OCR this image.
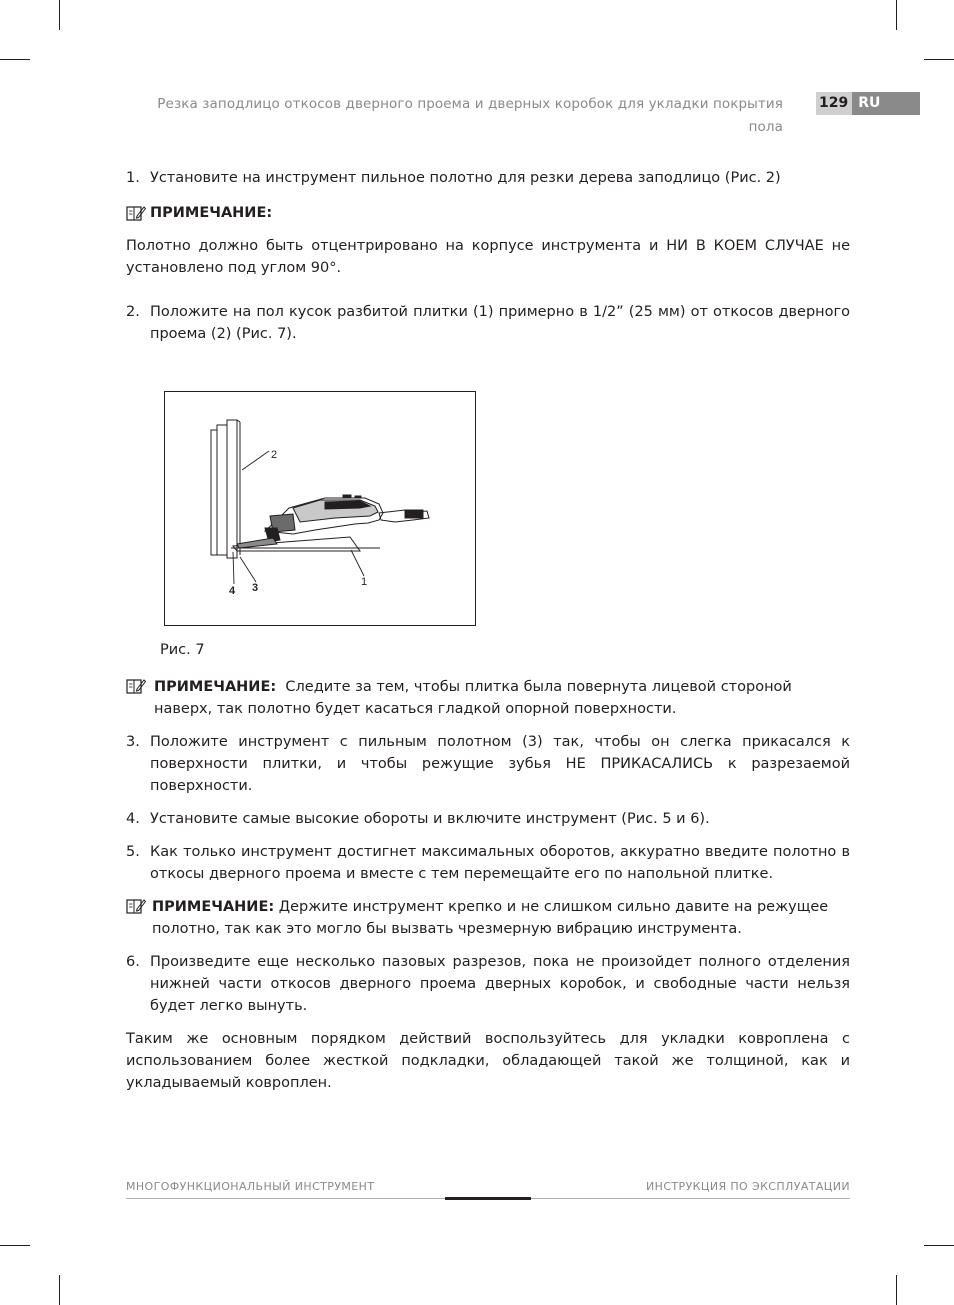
Резка заподлицо откосов дверного проема и дверных коробок для укладки покрытия пола
129 RU
1. Установите на инструмент пильное полотно для резки дерева заподлицо (Рис. 2)
ПРИМЕЧАНИЕ:

Полотно должно быть отцентрировано на корпусе инструмента и НИ В КОЕМ СЛУЧАЕ не установлено под углом 90°.

2. Положите на пол кусок разбитой плитки (1) примерно в 1/2” (25 мм) от откосов дверного проема (2) (Рис. 7).
ПРИМЕЧАНИЕ: Следите за тем, чтобы плитка была повернута лицевой стороной наверх, так полотно будет касаться гладкой опорной поверхности.
3. Положите инструмент с пильным полотном (3) так, чтобы он слегка прикасался к поверхности плитки, и чтобы режущие зубья НЕ ПРИКАСАЛИСЬ к разрезаемой поверхности.
4. Установите самые высокие обороты и включите инструмент (Рис. 5 и 6).
5. Как только инструмент достигнет максимальных оборотов, аккуратно введите полотно в откосы дверного проема и вместе с тем перемещайте его по напольной плитке.
ПРИМЕЧАНИЕ: Держите инструмент крепко и не слишком сильно давите на режущее полотно, так как это могло бы вызвать чрезмерную вибрацию инструмента.
6. Произведите еще несколько пазовых разрезов, пока не произойдет полного отделения нижней части откосов дверного проема дверных коробок, и свободные части нельзя будет легко вынуть.

Таким же основным порядком действий воспользуйтесь для укладки ковроплена с использованием более жесткой подкладки, обладающей такой же толщиной, как и укладываемый ковроплен.

2
1
3
4
Рис. 7
МНОГОФУНКЦИОНАЛЬНЫЙ ИНСТРУМЕНТ	ИНСТРУКЦИЯ ПО ЭКСПЛУАТАЦИИ
